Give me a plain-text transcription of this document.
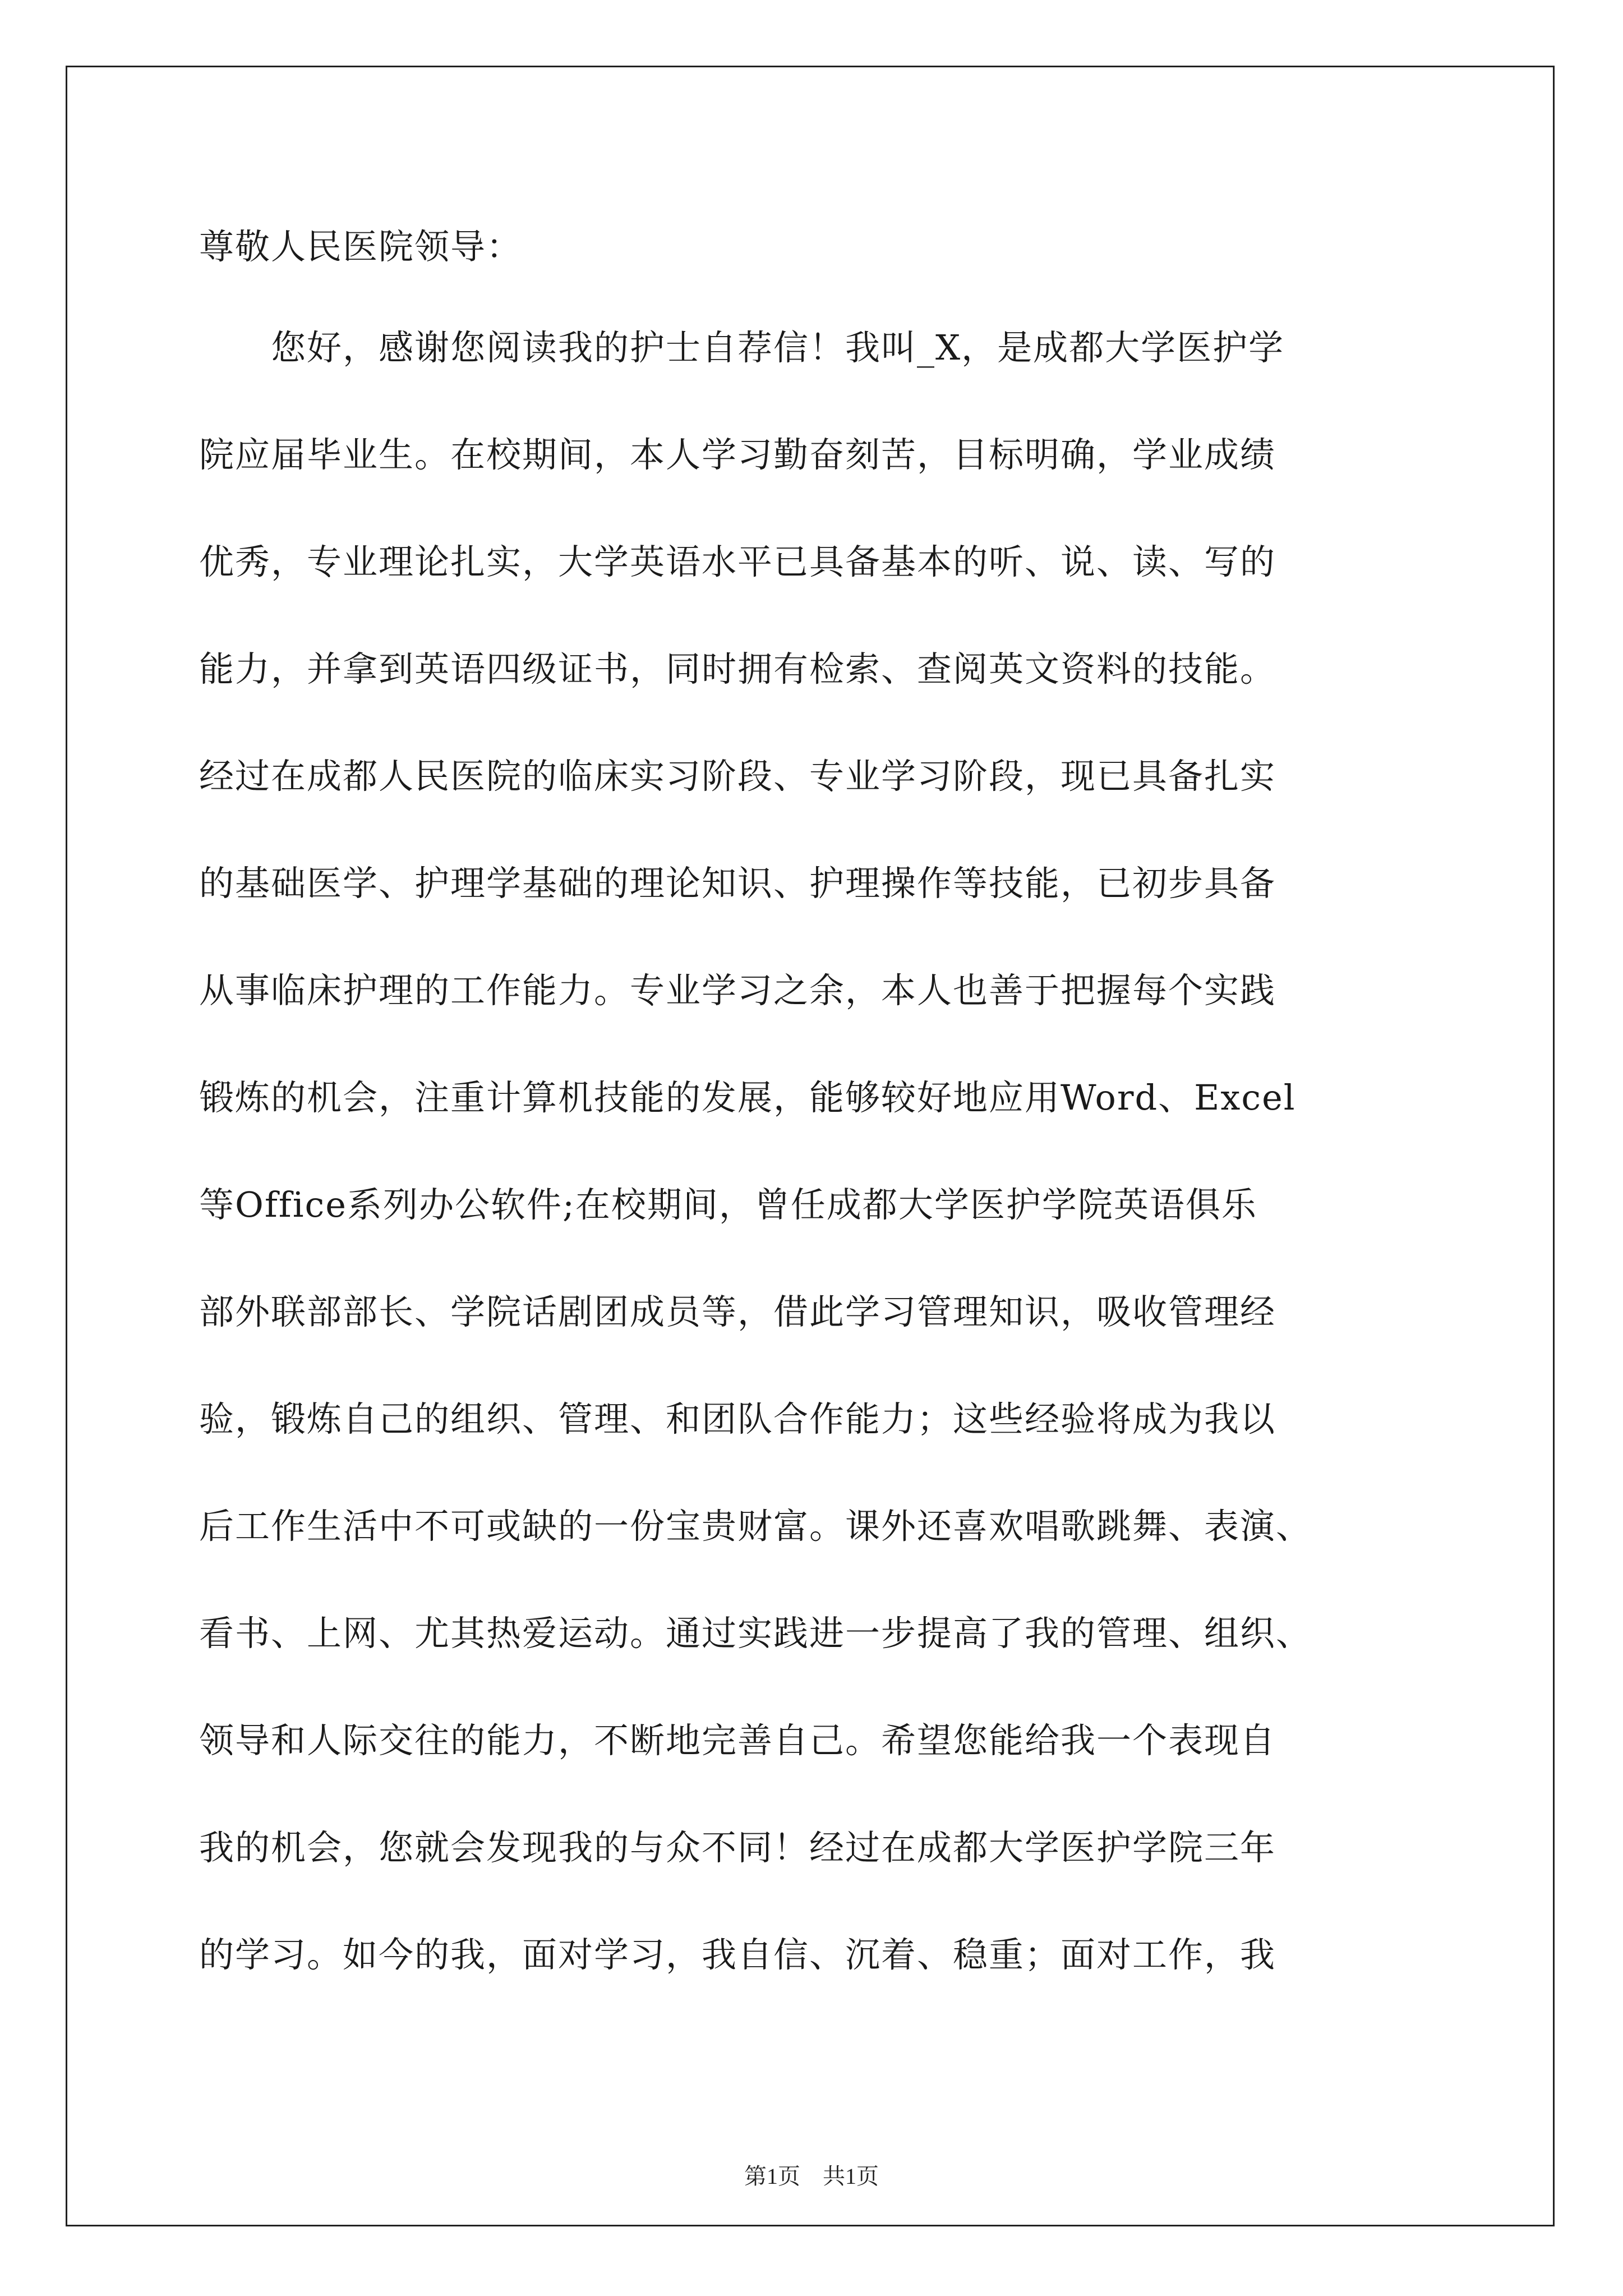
尊敬人民医院领导：
　　您好，感谢您阅读我的护士自荐信！我叫_X，是成都大学医护学
院应届毕业生。在校期间，本人学习勤奋刻苦，目标明确，学业成绩
优秀，专业理论扎实，大学英语水平已具备基本的听、说、读、写的
能力，并拿到英语四级证书，同时拥有检索、查阅英文资料的技能。
经过在成都人民医院的临床实习阶段、专业学习阶段，现已具备扎实
的基础医学、护理学基础的理论知识、护理操作等技能，已初步具备
从事临床护理的工作能力。专业学习之余，本人也善于把握每个实践
锻炼的机会，注重计算机技能的发展，能够较好地应用Word、Excel
等Office系列办公软件;在校期间，曾任成都大学医护学院英语俱乐
部外联部部长、学院话剧团成员等，借此学习管理知识，吸收管理经
验，锻炼自己的组织、管理、和团队合作能力；这些经验将成为我以
后工作生活中不可或缺的一份宝贵财富。课外还喜欢唱歌跳舞、表演、
看书、上网、尤其热爱运动。通过实践进一步提高了我的管理、组织、
领导和人际交往的能力，不断地完善自己。希望您能给我一个表现自
我的机会，您就会发现我的与众不同！经过在成都大学医护学院三年
的学习。如今的我，面对学习，我自信、沉着、稳重；面对工作，我
第1页　共1页
